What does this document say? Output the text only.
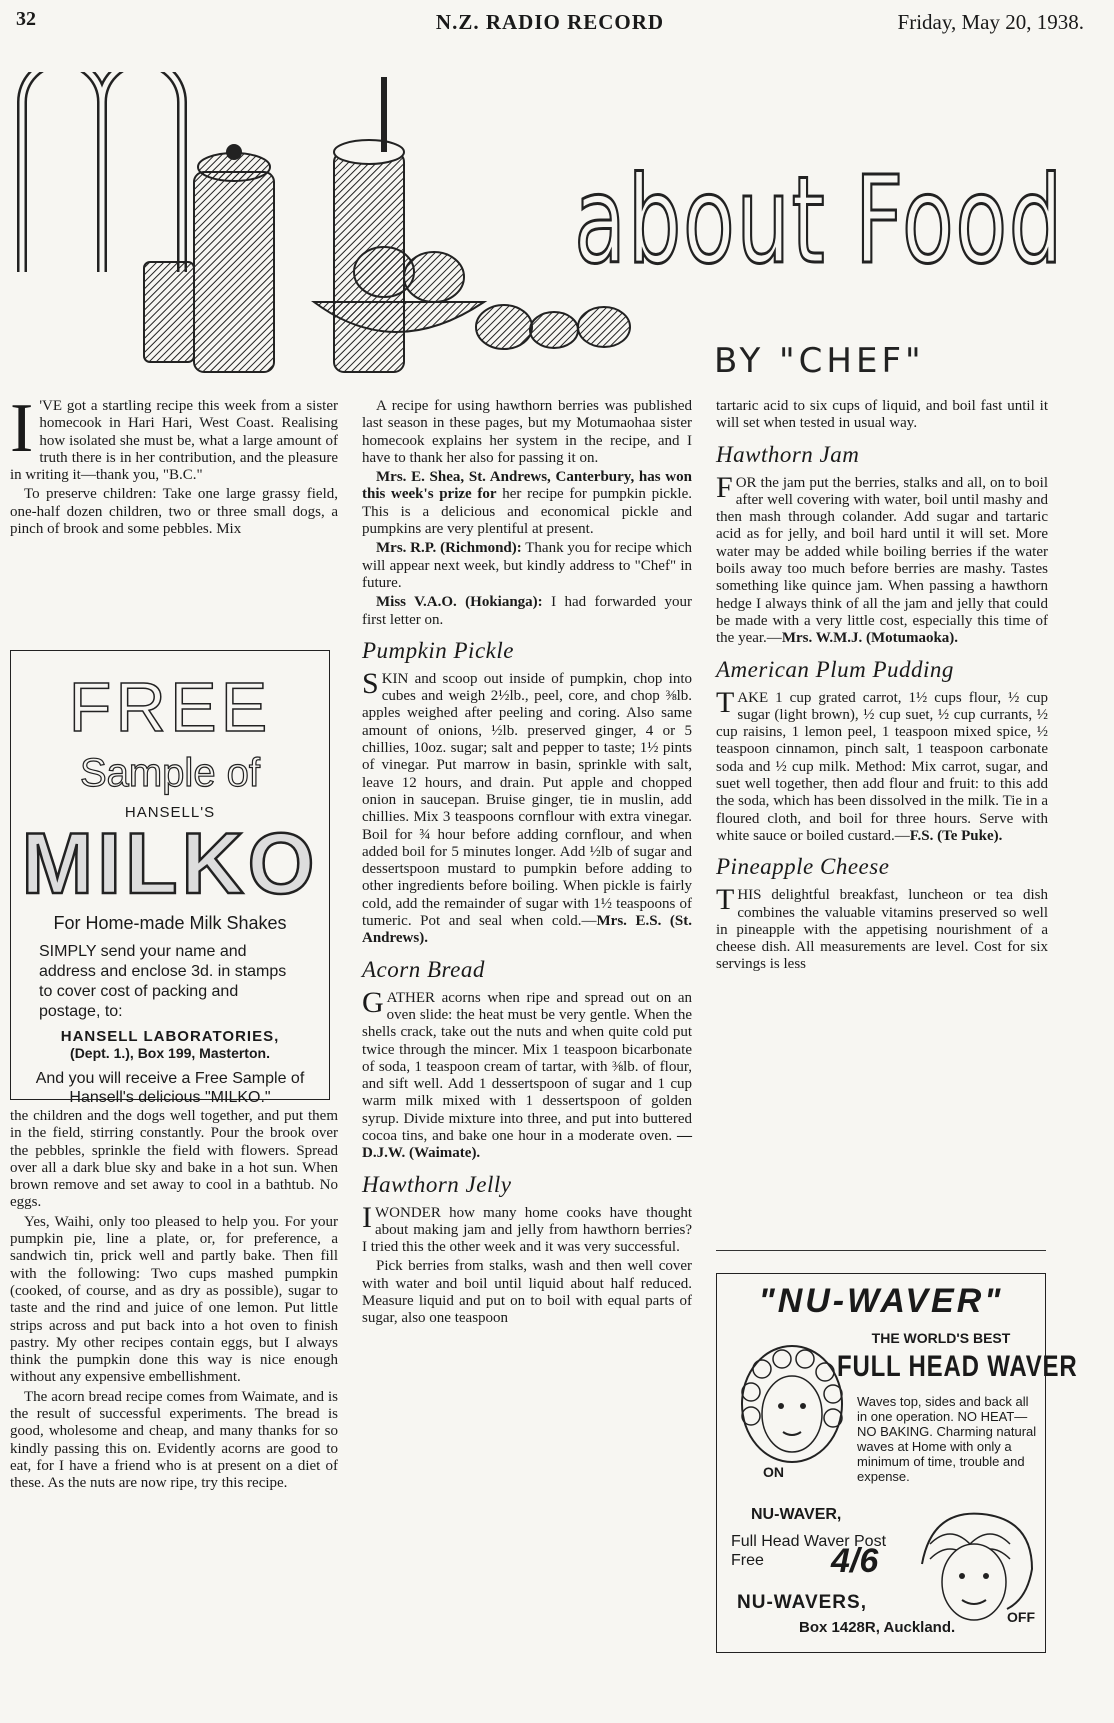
32	N.Z. RADIO RECORD	Friday, May 20, 1938.
about Food
BY "CHEF"

I 'VE got a startling recipe this week from a sister homecook in Hari Hari, West Coast. Realising how isolated she must be, what a large amount of truth there is in her contribution, and the pleasure in writing it—thank you, "B.C."

To preserve children: Take one large grassy field, one-half dozen children, two or three small dogs, a pinch of brook and some pebbles. Mix

FREE
Sample of
HANSELL'S
MILKO
For Home-made Milk Shakes
SIMPLY send your name and address and enclose 3d. in stamps to cover cost of packing and postage, to:
HANSELL LABORATORIES,
(Dept. 1.), Box 199, Masterton.
And you will receive a Free Sample of Hansell's delicious "MILKO."

the children and the dogs well together, and put them in the field, stirring constantly. Pour the brook over the pebbles, sprinkle the field with flowers. Spread over all a dark blue sky and bake in a hot sun. When brown remove and set away to cool in a bathtub. No eggs.

Yes, Waihi, only too pleased to help you. For your pumpkin pie, line a plate, or, for preference, a sandwich tin, prick well and partly bake. Then fill with the following: Two cups mashed pumpkin (cooked, of course, and as dry as possible), sugar to taste and the rind and juice of one lemon. Put little strips across and put back into a hot oven to finish pastry. My other recipes contain eggs, but I always think the pumpkin done this way is nice enough without any expensive embellishment.

The acorn bread recipe comes from Waimate, and is the result of successful experiments. The bread is good, wholesome and cheap, and many thanks for so kindly passing this on. Evidently acorns are good to eat, for I have a friend who is at present on a diet of these. As the nuts are now ripe, try this recipe.

A recipe for using hawthorn berries was published last season in these pages, but my Motumaohaa sister homecook explains her system in the recipe, and I have to thank her also for passing it on.

Mrs. E. Shea, St. Andrews, Canterbury, has won this week's prize for her recipe for pumpkin pickle. This is a delicious and economical pickle and pumpkins are very plentiful at present.

Mrs. R.P. (Richmond): Thank you for recipe which will appear next week, but kindly address to "Chef" in future.

Miss V.A.O. (Hokianga): I had forwarded your first letter on.

Pumpkin Pickle

SKIN and scoop out inside of pumpkin, chop into cubes and weigh 2½lb., peel, core, and chop ⅜lb. apples weighed after peeling and coring. Also same amount of onions, ½lb. preserved ginger, 4 or 5 chillies, 10oz. sugar; salt and pepper to taste; 1½ pints of vinegar. Put marrow in basin, sprinkle with salt, leave 12 hours, and drain. Put apple and chopped onion in saucepan. Bruise ginger, tie in muslin, add chillies. Mix 3 teaspoons cornflour with extra vinegar. Boil for ¾ hour before adding cornflour, and when added boil for 5 minutes longer. Add ½lb of sugar and dessertspoon mustard to pumpkin before adding to other ingredients before boiling. When pickle is fairly cold, add the remainder of sugar with 1½ teaspoons of tumeric. Pot and seal when cold.—Mrs. E.S. (St. Andrews).

Acorn Bread

GATHER acorns when ripe and spread out on an oven slide: the heat must be very gentle. When the shells crack, take out the nuts and when quite cold put twice through the mincer. Mix 1 teaspoon bicarbonate of soda, 1 teaspoon cream of tartar, with ⅜lb. of flour, and sift well. Add 1 dessertspoon of sugar and 1 cup warm milk mixed with 1 dessertspoon of golden syrup. Divide mixture into three, and put into buttered cocoa tins, and bake one hour in a moderate oven. —D.J.W. (Waimate).

Hawthorn Jelly

IWONDER how many home cooks have thought about making jam and jelly from hawthorn berries? I tried this the other week and it was very successful.

Pick berries from stalks, wash and then well cover with water and boil until liquid about half reduced. Measure liquid and put on to boil with equal parts of sugar, also one teaspoon

tartaric acid to six cups of liquid, and boil fast until it will set when tested in usual way.

Hawthorn Jam

FOR the jam put the berries, stalks and all, on to boil after well covering with water, boil until mashy and then mash through colander. Add sugar and tartaric acid as for jelly, and boil hard until it will set. More water may be added while boiling berries if the water boils away too much before berries are mashy. Tastes something like quince jam. When passing a hawthorn hedge I always think of all the jam and jelly that could be made with a very little cost, especially this time of the year.—Mrs. W.M.J. (Motumaoka).

American Plum Pudding

TAKE 1 cup grated carrot, 1½ cups flour, ½ cup sugar (light brown), ½ cup suet, ½ cup currants, ½ cup raisins, 1 lemon peel, 1 teaspoon mixed spice, ½ teaspoon cinnamon, pinch salt, 1 teaspoon carbonate soda and ½ cup milk. Method: Mix carrot, sugar, and suet well together, then add flour and fruit: to this add the soda, which has been dissolved in the milk. Tie in a floured cloth, and boil for three hours. Serve with white sauce or boiled custard.—F.S. (Te Puke).

Pineapple Cheese

THIS delightful breakfast, luncheon or tea dish combines the valuable vitamins preserved so well in pineapple with the appetising nourishment of a cheese dish. All measurements are level. Cost for six servings is less

"NU-WAVER"
THE WORLD'S BEST
FULL HEAD WAVER
Waves top, sides and back all in one operation. NO HEAT—NO BAKING. Charming natural waves at Home with only a minimum of time, trouble and expense.
ON
OFF
NU-WAVER,
Full Head Waver Post Free	4/6
NU-WAVERS,
Box 1428R, Auckland.
